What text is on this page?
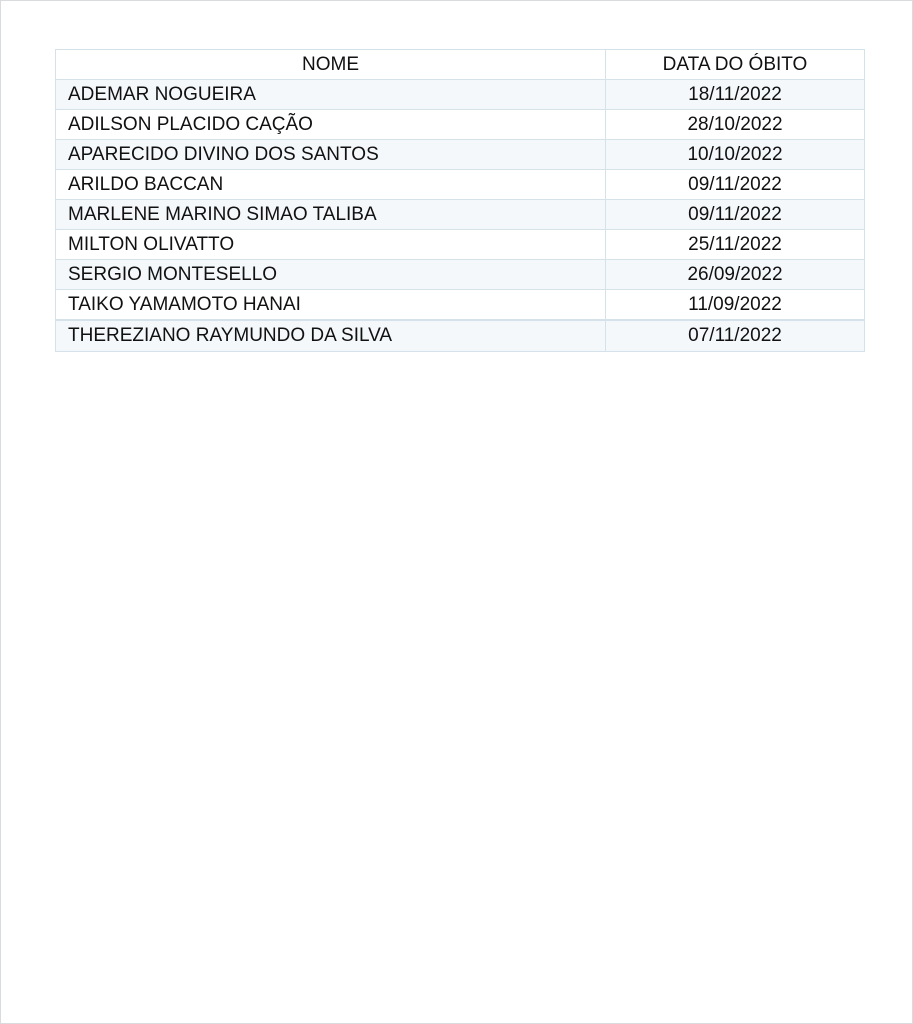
NOME	DATA DO ÓBITO
ADEMAR NOGUEIRA	18/11/2022
ADILSON PLACIDO CAÇÃO	28/10/2022
APARECIDO DIVINO DOS SANTOS	10/10/2022
ARILDO BACCAN	09/11/2022
MARLENE MARINO SIMAO TALIBA	09/11/2022
MILTON OLIVATTO	25/11/2022
SERGIO MONTESELLO	26/09/2022
TAIKO YAMAMOTO HANAI	11/09/2022
THEREZIANO RAYMUNDO DA SILVA	07/11/2022
